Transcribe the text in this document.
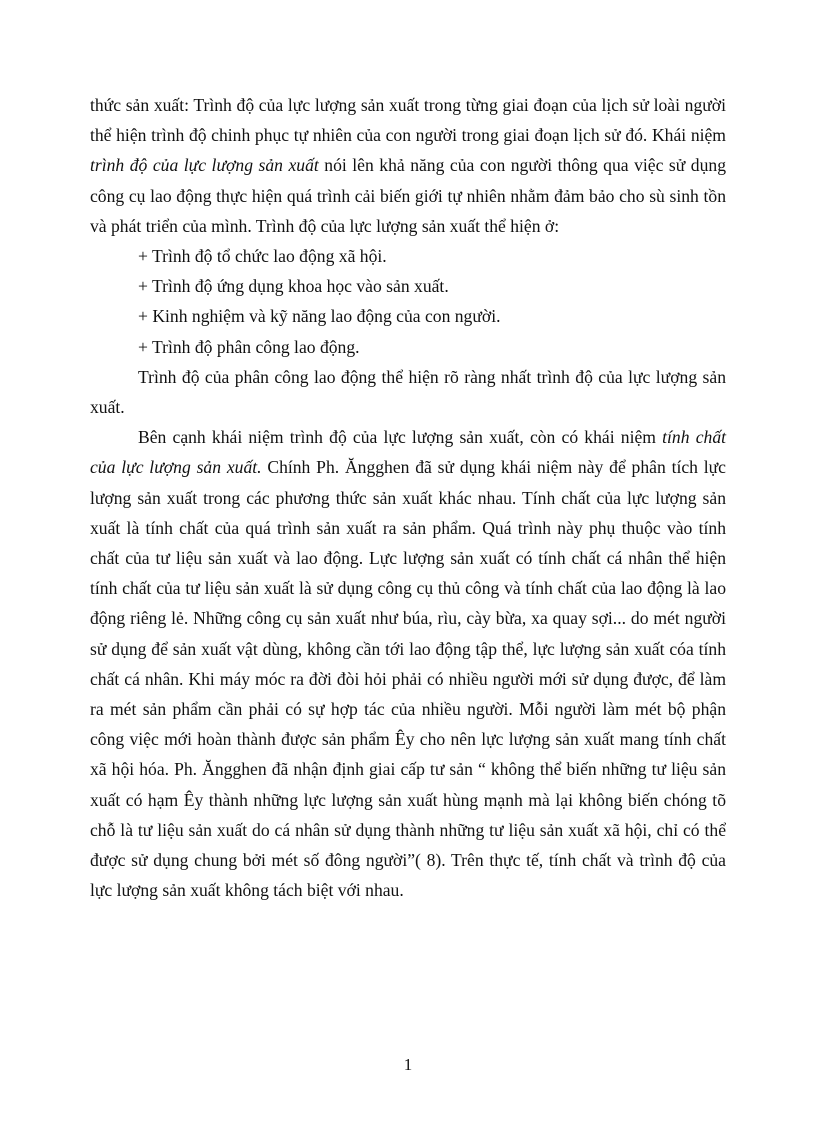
thức sản xuất: Trình độ của lực lượng sản xuất trong từng giai đoạn của lịch sử loài người thể hiện trình độ chinh phục tự nhiên của con người trong giai đoạn lịch sử đó. Khái niệm trình độ của lực lượng sản xuất nói lên khả năng của con người thông qua việc sử dụng công cụ lao động thực hiện quá trình cải biến giới tự nhiên nhằm đảm bảo cho sù sinh tồn và phát triển của mình. Trình độ của lực lượng sản xuất thể hiện ở:

+ Trình độ tổ chức lao động xã hội.

+ Trình độ ứng dụng khoa học vào sản xuất.

+ Kinh nghiệm và kỹ năng lao động của con người.

+ Trình độ phân công lao động.

Trình độ của phân công lao động thể hiện rõ ràng nhất trình độ của lực lượng sản xuất.

Bên cạnh khái niệm trình độ của lực lượng sản xuất, còn có khái niệm tính chất của lực lượng sản xuất. Chính Ph. Ăngghen đã sử dụng khái niệm này để phân tích lực lượng sản xuất trong các phương thức sản xuất khác nhau. Tính chất của lực lượng sản xuất là tính chất của quá trình sản xuất ra sản phẩm. Quá trình này phụ thuộc vào tính chất của tư liệu sản xuất và lao động. Lực lượng sản xuất có tính chất cá nhân thể hiện tính chất của tư liệu sản xuất là sử dụng công cụ thủ công và tính chất của lao động là lao động riêng lẻ. Những công cụ sản xuất như búa, rìu, cày bừa, xa quay sợi... do mét người sử dụng để sản xuất vật dùng, không cần tới lao động tập thể, lực lượng sản xuất cóa tính chất cá nhân. Khi máy móc ra đời đòi hỏi phải có nhiều người mới sử dụng được, để làm ra mét sản phẩm cần phải có sự hợp tác của nhiều người. Mỗi người làm mét bộ phận công việc mới hoàn thành được sản phẩm Êy cho nên lực lượng sản xuất mang tính chất xã hội hóa. Ph. Ăngghen đã nhận định giai cấp tư sản “ không thể biến những tư liệu sản xuất có hạm Êy thành những lực lượng sản xuất hùng mạnh mà lại không biến chóng tõ chỗ là tư liệu sản xuất do cá nhân sử dụng thành những tư liệu sản xuất xã hội, chỉ có thể được sử dụng chung bởi mét số đông người”( 8). Trên thực tế, tính chất và trình độ của lực lượng sản xuất không tách biệt với nhau.

1
